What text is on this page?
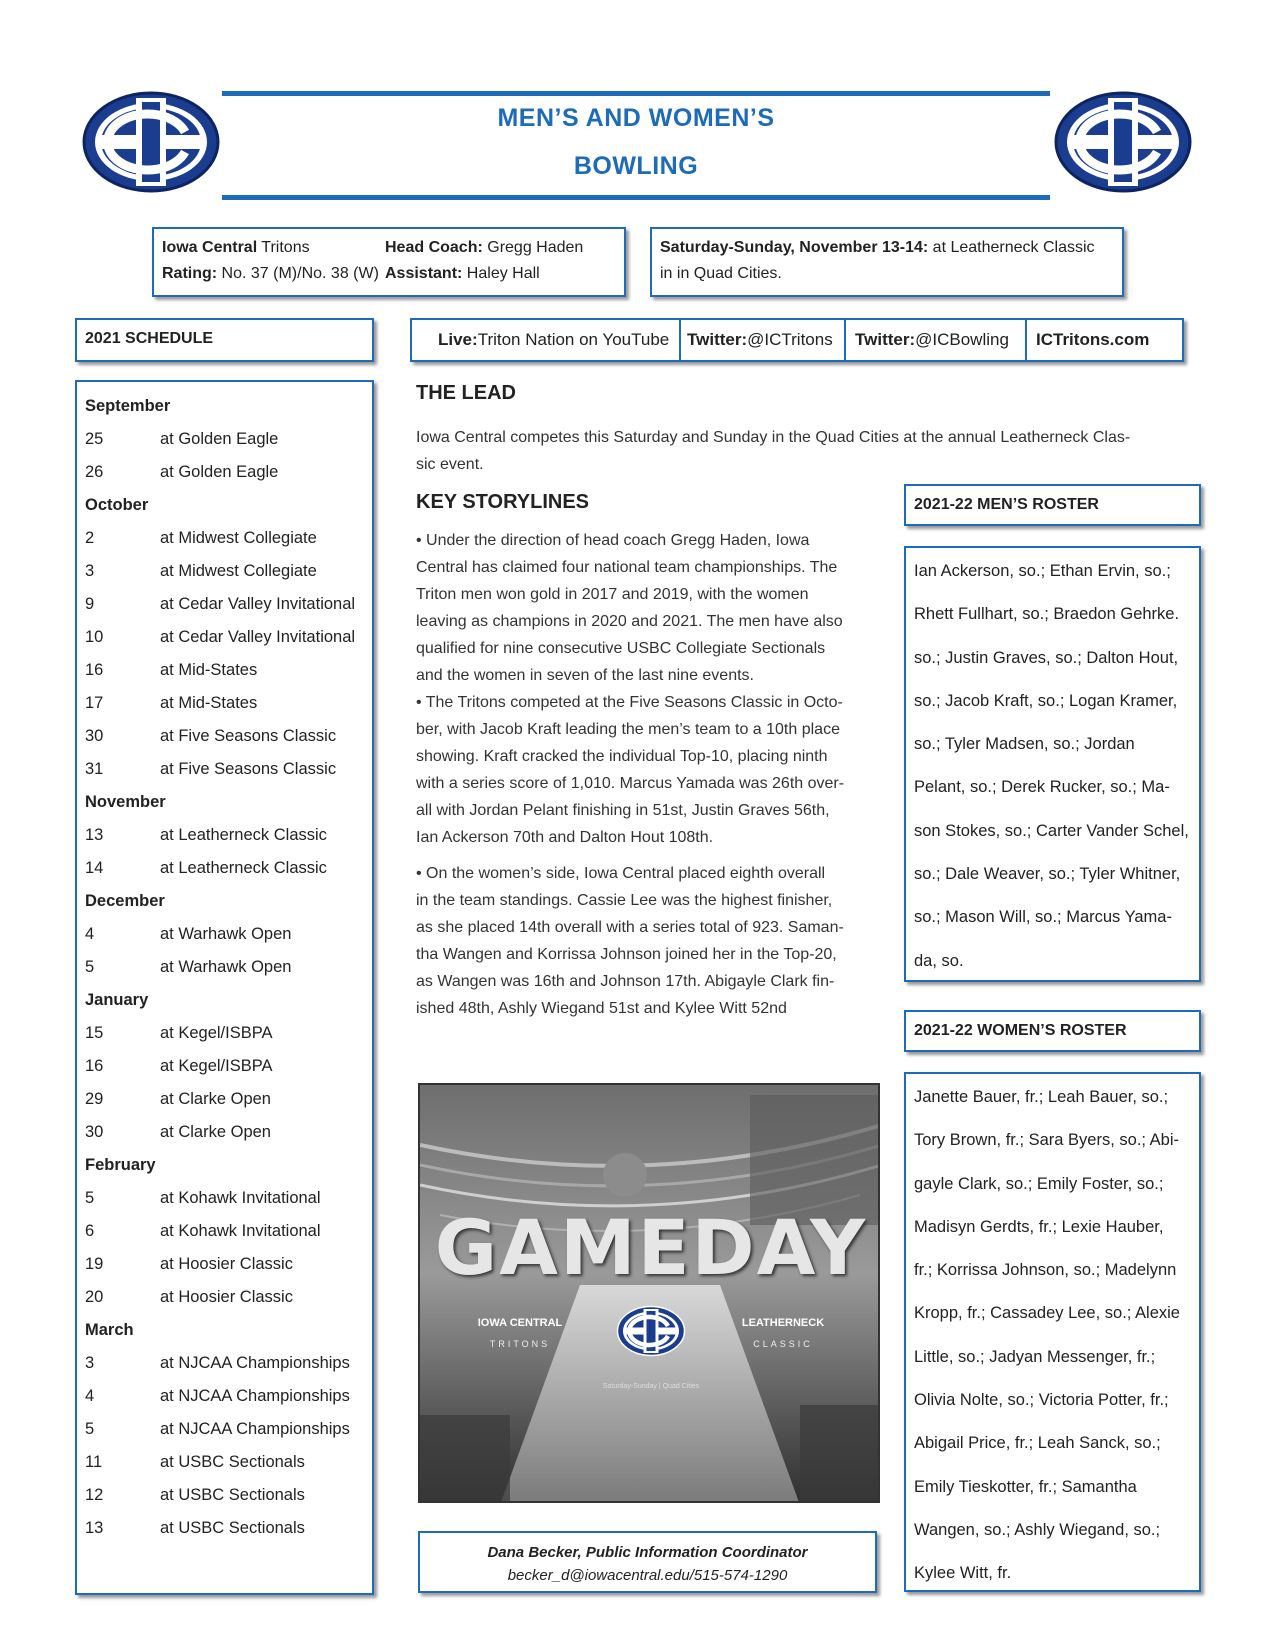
MEN’S AND WOMEN’S
BOWLING
Iowa Central Tritons
Rating: No. 37 (M)/No. 38 (W)
Head Coach: Gregg Haden
Assistant: Haley Hall
Saturday-Sunday, November 13-14: at Leatherneck Classic
in in Quad Cities.
2021 SCHEDULE	Live: Triton Nation on YouTube Twitter: @ICTritons Twitter: @ICBowling	ICTritons.com
September
25	at Golden Eagle
26	at Golden Eagle
October
2	at Midwest Collegiate
3	at Midwest Collegiate
9	at Cedar Valley Invitational
10	at Cedar Valley Invitational
16	at Mid-States
17	at Mid-States
30	at Five Seasons Classic
31	at Five Seasons Classic
November
13	at Leatherneck Classic
14	at Leatherneck Classic
December
4	at Warhawk Open
5	at Warhawk Open
January
15	at Kegel/ISBPA
16	at Kegel/ISBPA
29	at Clarke Open
30	at Clarke Open
February
5	at Kohawk Invitational
6	at Kohawk Invitational
19	at Hoosier Classic
20	at Hoosier Classic
March
3	at NJCAA Championships
4	at NJCAA Championships
5	at NJCAA Championships
11	at USBC Sectionals
12	at USBC Sectionals
13	at USBC Sectionals
THE LEAD
Iowa Central competes this Saturday and Sunday in the Quad Cities at the annual Leatherneck Clas-
sic event.
KEY STORYLINES
• Under the direction of head coach Gregg Haden, Iowa
Central has claimed four national team championships. The
Triton men won gold in 2017 and 2019, with the women
leaving as champions in 2020 and 2021. The men have also
qualified for nine consecutive USBC Collegiate Sectionals
and the women in seven of the last nine events.
• The Tritons competed at the Five Seasons Classic in Octo-
ber, with Jacob Kraft leading the men’s team to a 10th place
showing. Kraft cracked the individual Top-10, placing ninth
with a series score of 1,010. Marcus Yamada was 26th over-
all with Jordan Pelant finishing in 51st, Justin Graves 56th,
Ian Ackerson 70th and Dalton Hout 108th.
• On the women’s side, Iowa Central placed eighth overall
in the team standings. Cassie Lee was the highest finisher,
as she placed 14th overall with a series total of 923. Saman-
tha Wangen and Korrissa Johnson joined her in the Top-20,
as Wangen was 16th and Johnson 17th. Abigayle Clark fin-
ished 48th, Ashly Wiegand 51st and Kylee Witt 52nd
2021-22 MEN’S ROSTER
Ian Ackerson, so.; Ethan Ervin, so.;
Rhett Fullhart, so.; Braedon Gehrke.
so.; Justin Graves, so.; Dalton Hout,
so.; Jacob Kraft, so.; Logan Kramer,
so.; Tyler Madsen, so.; Jordan
Pelant, so.; Derek Rucker, so.; Ma-
son Stokes, so.; Carter Vander Schel,
so.; Dale Weaver, so.; Tyler Whitner,
so.; Mason Will, so.; Marcus Yama-
da, so.
2021-22 WOMEN’S ROSTER
Janette Bauer, fr.; Leah Bauer, so.;
Tory Brown, fr.; Sara Byers, so.; Abi-
gayle Clark, so.; Emily Foster, so.;
Madisyn Gerdts, fr.; Lexie Hauber,
fr.; Korrissa Johnson, so.; Madelynn
Kropp, fr.; Cassadey Lee, so.; Alexie
Little, so.; Jadyan Messenger, fr.;
Olivia Nolte, so.; Victoria Potter, fr.;
Abigail Price, fr.; Leah Sanck, so.;
Emily Tieskotter, fr.; Samantha
Wangen, so.; Ashly Wiegand, so.;
Kylee Witt, fr.
GAMEDAY
IOWA CENTRAL
TRITONS
LEATHERNECK
CLASSIC
Saturday-Sunday | Quad Cities
Dana Becker, Public Information Coordinator
becker_d@iowacentral.edu/515-574-1290
